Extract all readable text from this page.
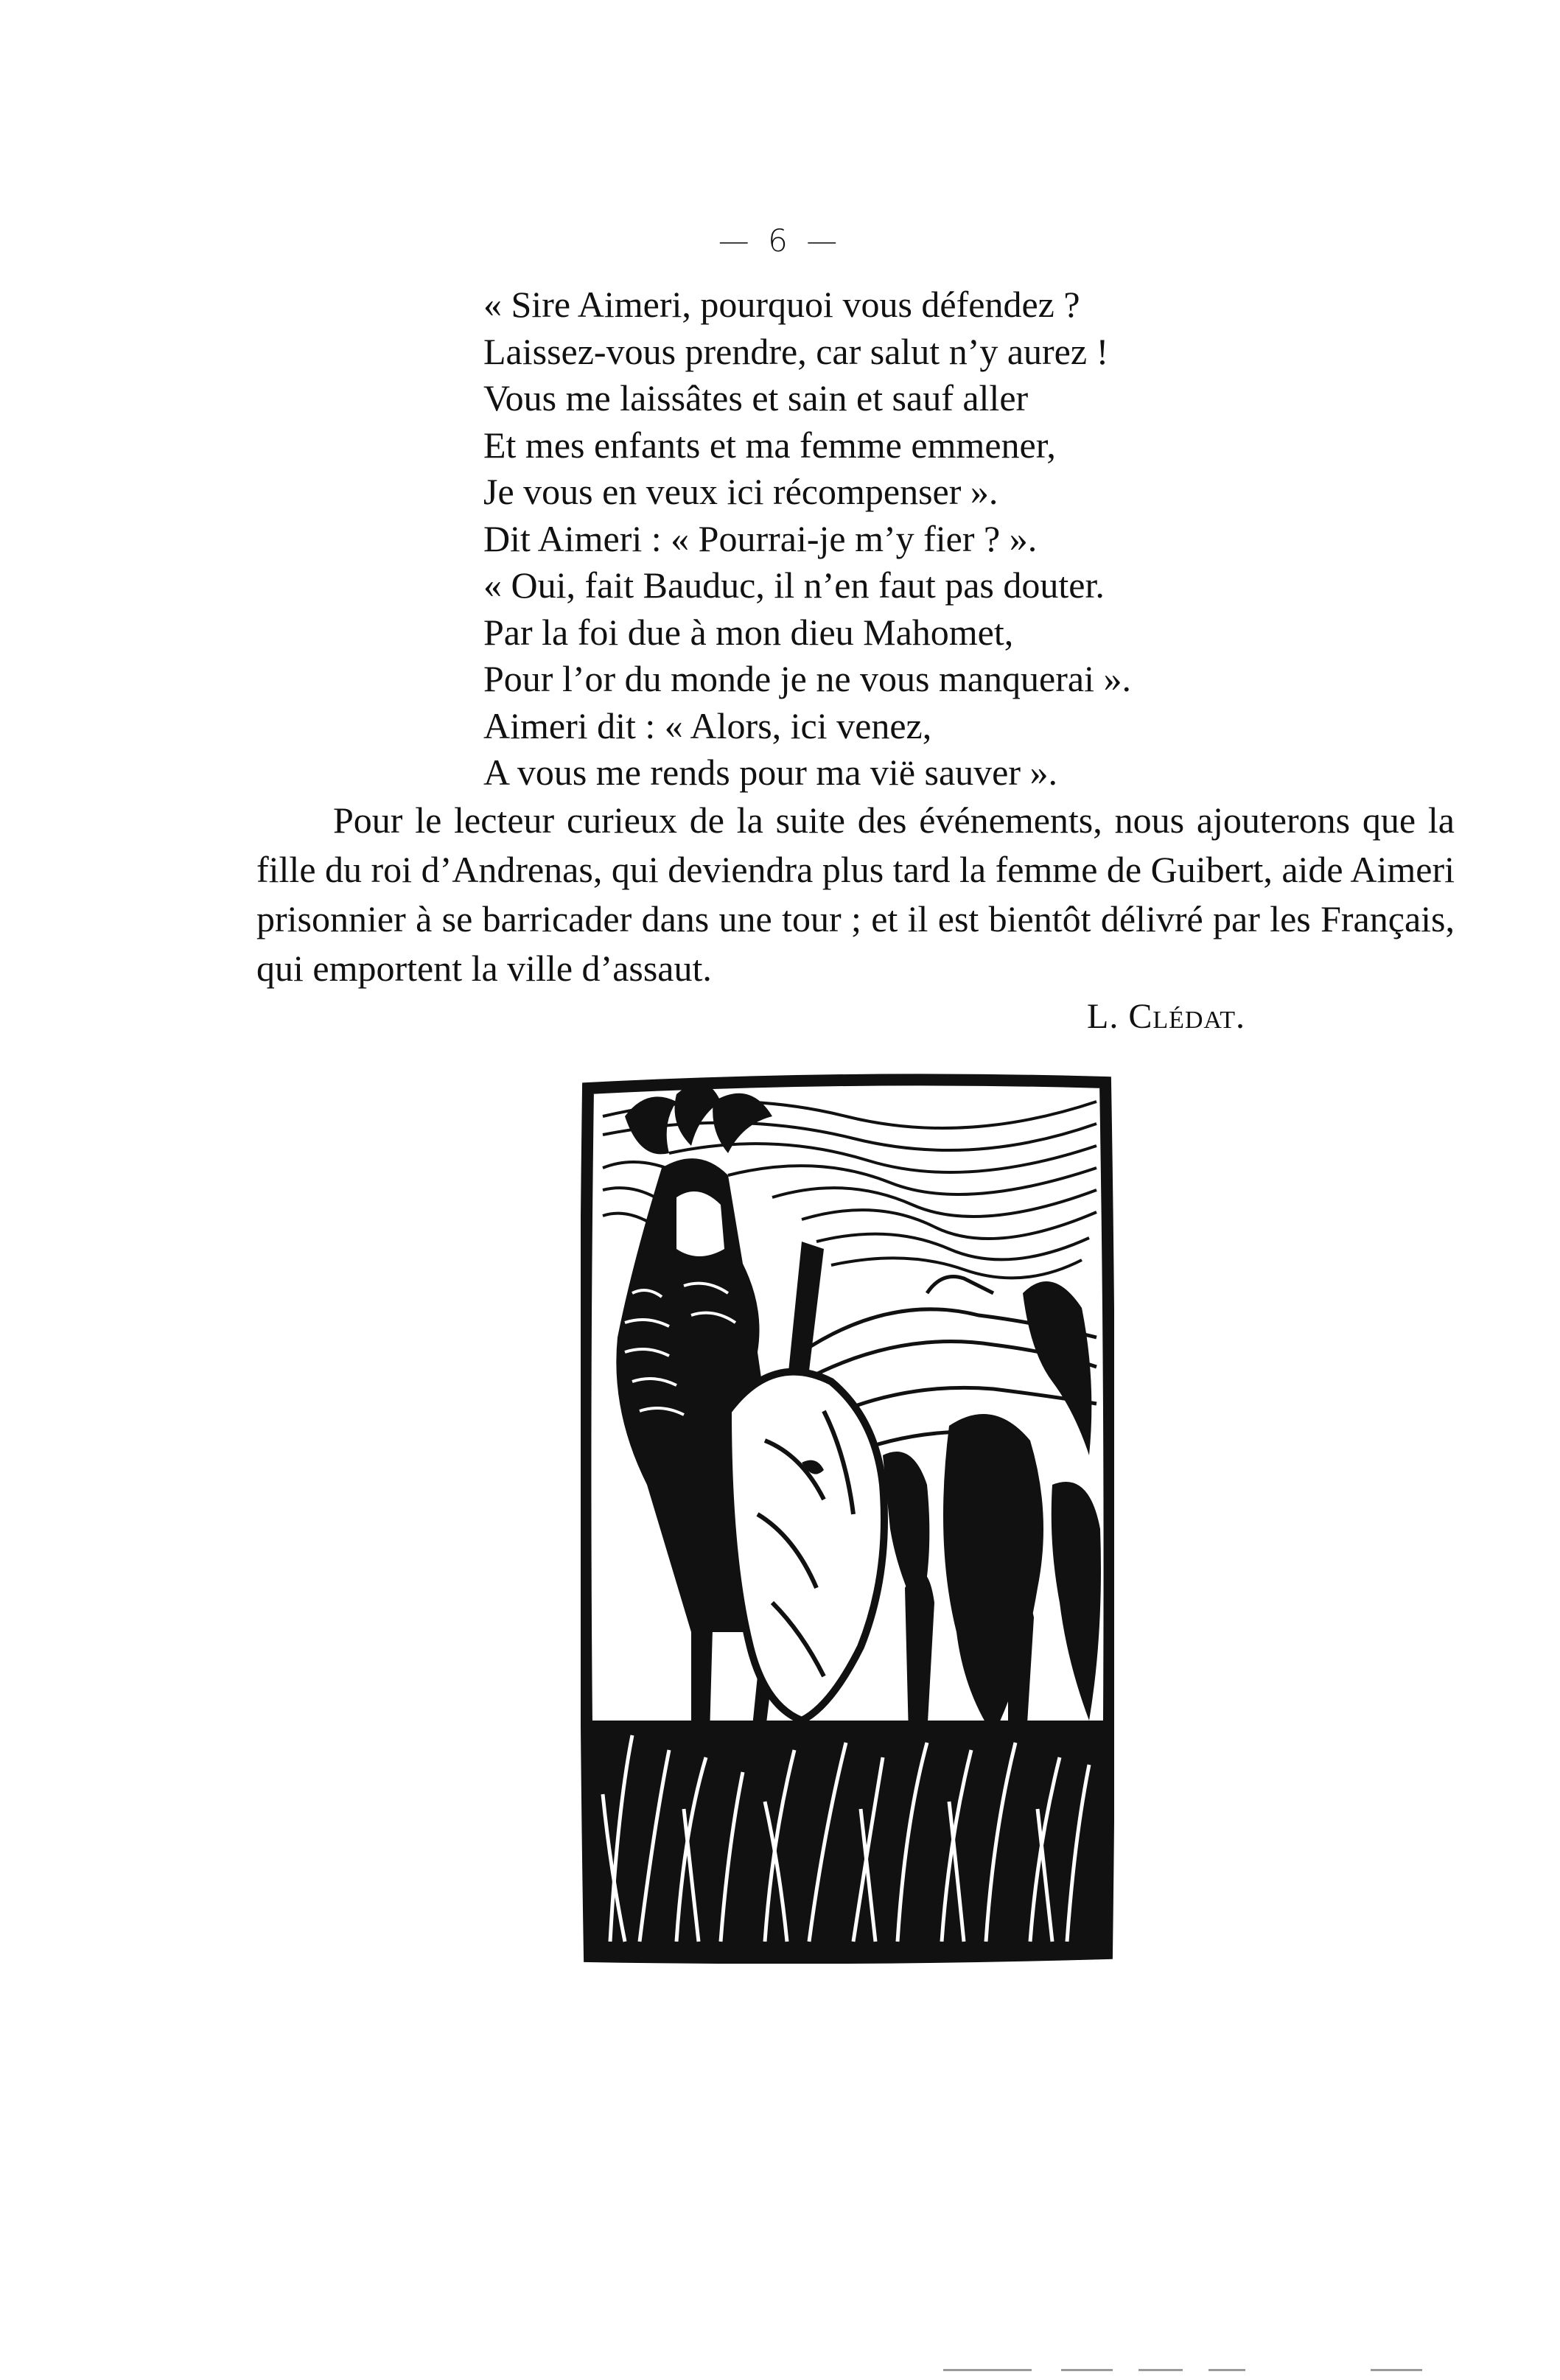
— 6 —
« Sire Aimeri, pourquoi vous défendez ?
Laissez-vous prendre, car salut n’y aurez !
Vous me laissâtes et sain et sauf aller
Et mes enfants et ma femme emmener,
Je vous en veux ici récompenser ».
Dit Aimeri : « Pourrai-je m’y fier ? ».
« Oui, fait Bauduc, il n’en faut pas douter.
Par la foi due à mon dieu Mahomet,
Pour l’or du monde je ne vous manquerai ».
Aimeri dit : « Alors, ici venez,
A vous me rends pour ma vië sauver ».

Pour le lecteur curieux de la suite des événements, nous ajouterons que la fille du roi d’Andrenas, qui deviendra plus tard la femme de Guibert, aide Aimeri prisonnier à se barricader dans une tour ; et il est bientôt délivré par les Français, qui emportent la ville d’assaut.

L. Clédat.
